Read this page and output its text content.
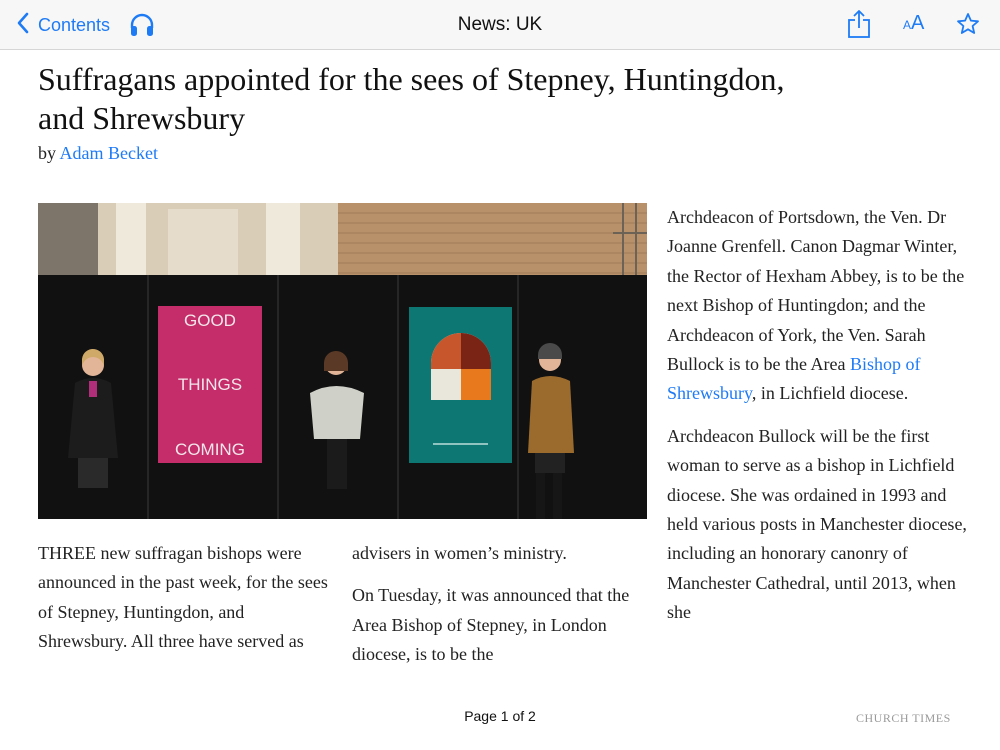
Contents	News: UK	AA
Suffragans appointed for the sees of Stepney, Huntingdon, and Shrewsbury
by Adam Becket
GOOD
THINGS
COMING

THREE new suffragan bishops were announced in the past week, for the sees of Stepney, Huntingdon, and Shrewsbury. All three have served as

advisers in women’s ministry.

On Tuesday, it was announced that the Area Bishop of Stepney, in London diocese, is to be the

Archdeacon of Portsdown, the Ven. Dr Joanne Grenfell. Canon Dagmar Winter, the Rector of Hexham Abbey, is to be the next Bishop of Huntingdon; and the Archdeacon of York, the Ven. Sarah Bullock is to be the Area Bishop of Shrewsbury, in Lichfield diocese.

Archdeacon Bullock will be the first woman to serve as a bishop in Lichfield diocese. She was ordained in 1993 and held various posts in Manchester diocese, including an honorary canonry of Manchester Cathedral, until 2013, when she

Page 1 of 2	CHURCH TIMES
